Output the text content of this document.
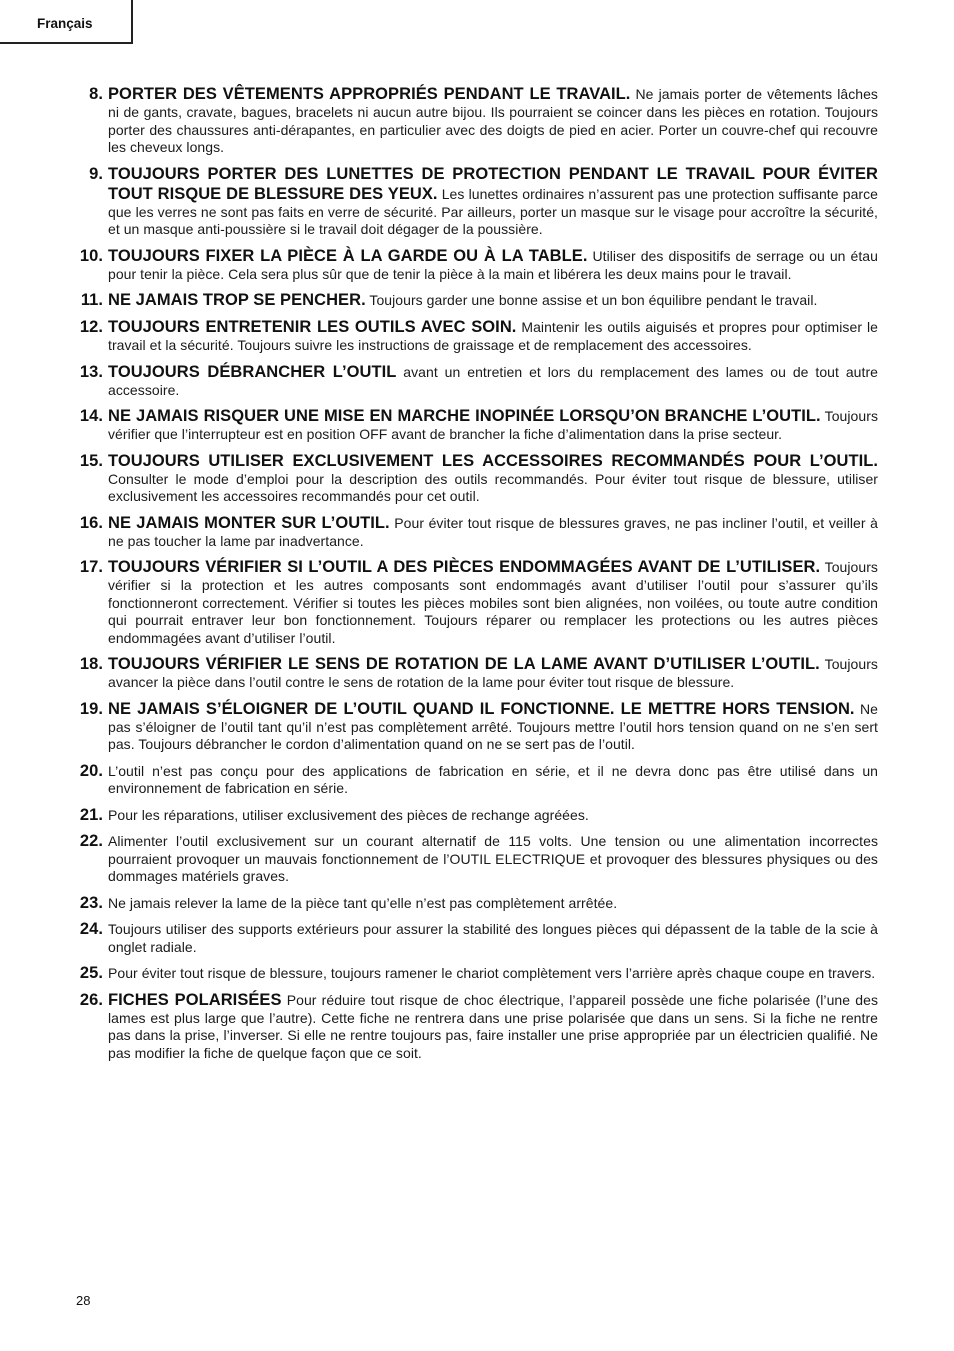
Français
8. PORTER DES VÊTEMENTS APPROPRIÉS PENDANT LE TRAVAIL. Ne jamais porter de vêtements lâches ni de gants, cravate, bagues, bracelets ni aucun autre bijou. Ils pourraient se coincer dans les pièces en rotation. Toujours porter des chaussures anti-dérapantes, en particulier avec des doigts de pied en acier. Porter un couvre-chef qui recouvre les cheveux longs.
9. TOUJOURS PORTER DES LUNETTES DE PROTECTION PENDANT LE TRAVAIL POUR ÉVITER TOUT RISQUE DE BLESSURE DES YEUX. Les lunettes ordinaires n’assurent pas une protection suffisante parce que les verres ne sont pas faits en verre de sécurité. Par ailleurs, porter un masque sur le visage pour accroître la sécurité, et un masque anti-poussière si le travail doit dégager de la poussière.
10. TOUJOURS FIXER LA PIÈCE À LA GARDE OU À LA TABLE. Utiliser des dispositifs de serrage ou un étau pour tenir la pièce. Cela sera plus sûr que de tenir la pièce à la main et libérera les deux mains pour le travail.
11. NE JAMAIS TROP SE PENCHER. Toujours garder une bonne assise et un bon équilibre pendant le travail.
12. TOUJOURS ENTRETENIR LES OUTILS AVEC SOIN. Maintenir les outils aiguisés et propres pour optimiser le travail et la sécurité. Toujours suivre les instructions de graissage et de remplacement des accessoires.
13. TOUJOURS DÉBRANCHER L’OUTIL avant un entretien et lors du remplacement des lames ou de tout autre accessoire.
14. NE JAMAIS RISQUER UNE MISE EN MARCHE INOPINÉE LORSQU’ON BRANCHE L’OUTIL. Toujours vérifier que l’interrupteur est en position OFF avant de brancher la fiche d’alimentation dans la prise secteur.
15. TOUJOURS UTILISER EXCLUSIVEMENT LES ACCESSOIRES RECOMMANDÉS POUR L’OUTIL. Consulter le mode d’emploi pour la description des outils recommandés. Pour éviter tout risque de blessure, utiliser exclusivement les accessoires recommandés pour cet outil.
16. NE JAMAIS MONTER SUR L’OUTIL. Pour éviter tout risque de blessures graves, ne pas incliner l’outil, et veiller à ne pas toucher la lame par inadvertance.
17. TOUJOURS VÉRIFIER SI L’OUTIL A DES PIÈCES ENDOMMAGÉES AVANT DE L’UTILISER. Toujours vérifier si la protection et les autres composants sont endommagés avant d’utiliser l’outil pour s’assurer qu’ils fonctionneront correctement. Vérifier si toutes les pièces mobiles sont bien alignées, non voilées, ou toute autre condition qui pourrait entraver leur bon fonctionnement. Toujours réparer ou remplacer les protections ou les autres pièces endommagées avant d’utiliser l’outil.
18. TOUJOURS VÉRIFIER LE SENS DE ROTATION DE LA LAME AVANT D’UTILISER L’OUTIL. Toujours avancer la pièce dans l’outil contre le sens de rotation de la lame pour éviter tout risque de blessure.
19. NE JAMAIS S’ÉLOIGNER DE L’OUTIL QUAND IL FONCTIONNE. LE METTRE HORS TENSION. Ne pas s’éloigner de l’outil tant qu’il n’est pas complètement arrêté. Toujours mettre l’outil hors tension quand on ne s’en sert pas. Toujours débrancher le cordon d’alimentation quand on ne se sert pas de l’outil.
20. L’outil n’est pas conçu pour des applications de fabrication en série, et il ne devra donc pas être utilisé dans un environnement de fabrication en série.
21. Pour les réparations, utiliser exclusivement des pièces de rechange agréées.
22. Alimenter l’outil exclusivement sur un courant alternatif de 115 volts. Une tension ou une alimentation incorrectes pourraient provoquer un mauvais fonctionnement de l’OUTIL ELECTRIQUE et provoquer des blessures physiques ou des dommages matériels graves.
23. Ne jamais relever la lame de la pièce tant qu’elle n’est pas complètement arrêtée.
24. Toujours utiliser des supports extérieurs pour assurer la stabilité des longues pièces qui dépassent de la table de la scie à onglet radiale.
25. Pour éviter tout risque de blessure, toujours ramener le chariot complètement vers l’arrière après chaque coupe en travers.
26. FICHES POLARISÉES Pour réduire tout risque de choc électrique, l’appareil possède une fiche polarisée (l’une des lames est plus large que l’autre). Cette fiche ne rentrera dans une prise polarisée que dans un sens. Si la fiche ne rentre pas dans la prise, l’inverser. Si elle ne rentre toujours pas, faire installer une prise appropriée par un électricien qualifié. Ne pas modifier la fiche de quelque façon que ce soit.
28
